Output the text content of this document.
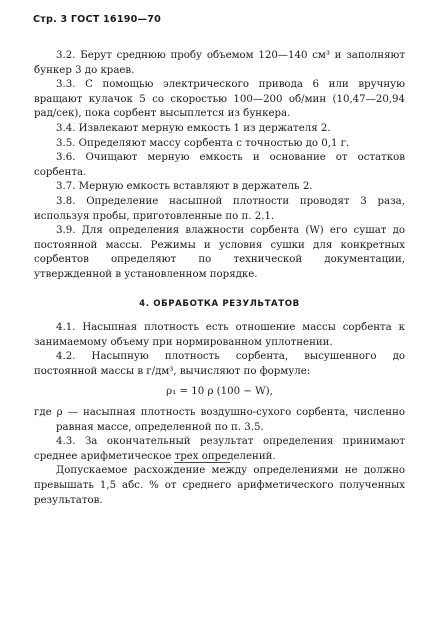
Стр. 3 ГОСТ 16190—70

3.2. Берут среднюю пробу объемом 120—140 см³ и заполняют бункер 3 до краев.

3.3. С помощью электрического привода 6 или вручную вращают кулачок 5 со скоростью 100—200 об/мин (10,47—20,94 рад/сек), пока сорбент высыплется из бункера.

3.4. Извлекают мерную емкость 1 из держателя 2.

3.5. Определяют массу сорбента с точностью до 0,1 г.

3.6. Очищают мерную емкость и основание от остатков сорбента.

3.7. Мерную емкость вставляют в держатель 2.

3.8. Определение насыпной плотности проводят 3 раза, используя пробы, приготовленные по п. 2.1.

3.9. Для определения влажности сорбента (W) его сушат до постоянной массы. Режимы и условия сушки для конкретных сорбентов определяют по технической документации, утвержденной в установленном порядке.

4. ОБРАБОТКА РЕЗУЛЬТАТОВ

4.1. Насыпная плотность есть отношение массы сорбента к занимаемому объему при нормированном уплотнении.

4.2. Насыпную плотность сорбента, высушенного до постоянной массы в г/дм³, вычисляют по формуле:

ρ₁ = 10 ρ (100 − W),

где ρ — насыпная плотность воздушно-сухого сорбента, численно равная массе, определенной по п. 3.5.

4.3. За окончательный результат определения принимают среднее арифметическое трех определений.

Допускаемое расхождение между определениями не должно превышать 1,5 абс. % от среднего арифметического полученных результатов.
